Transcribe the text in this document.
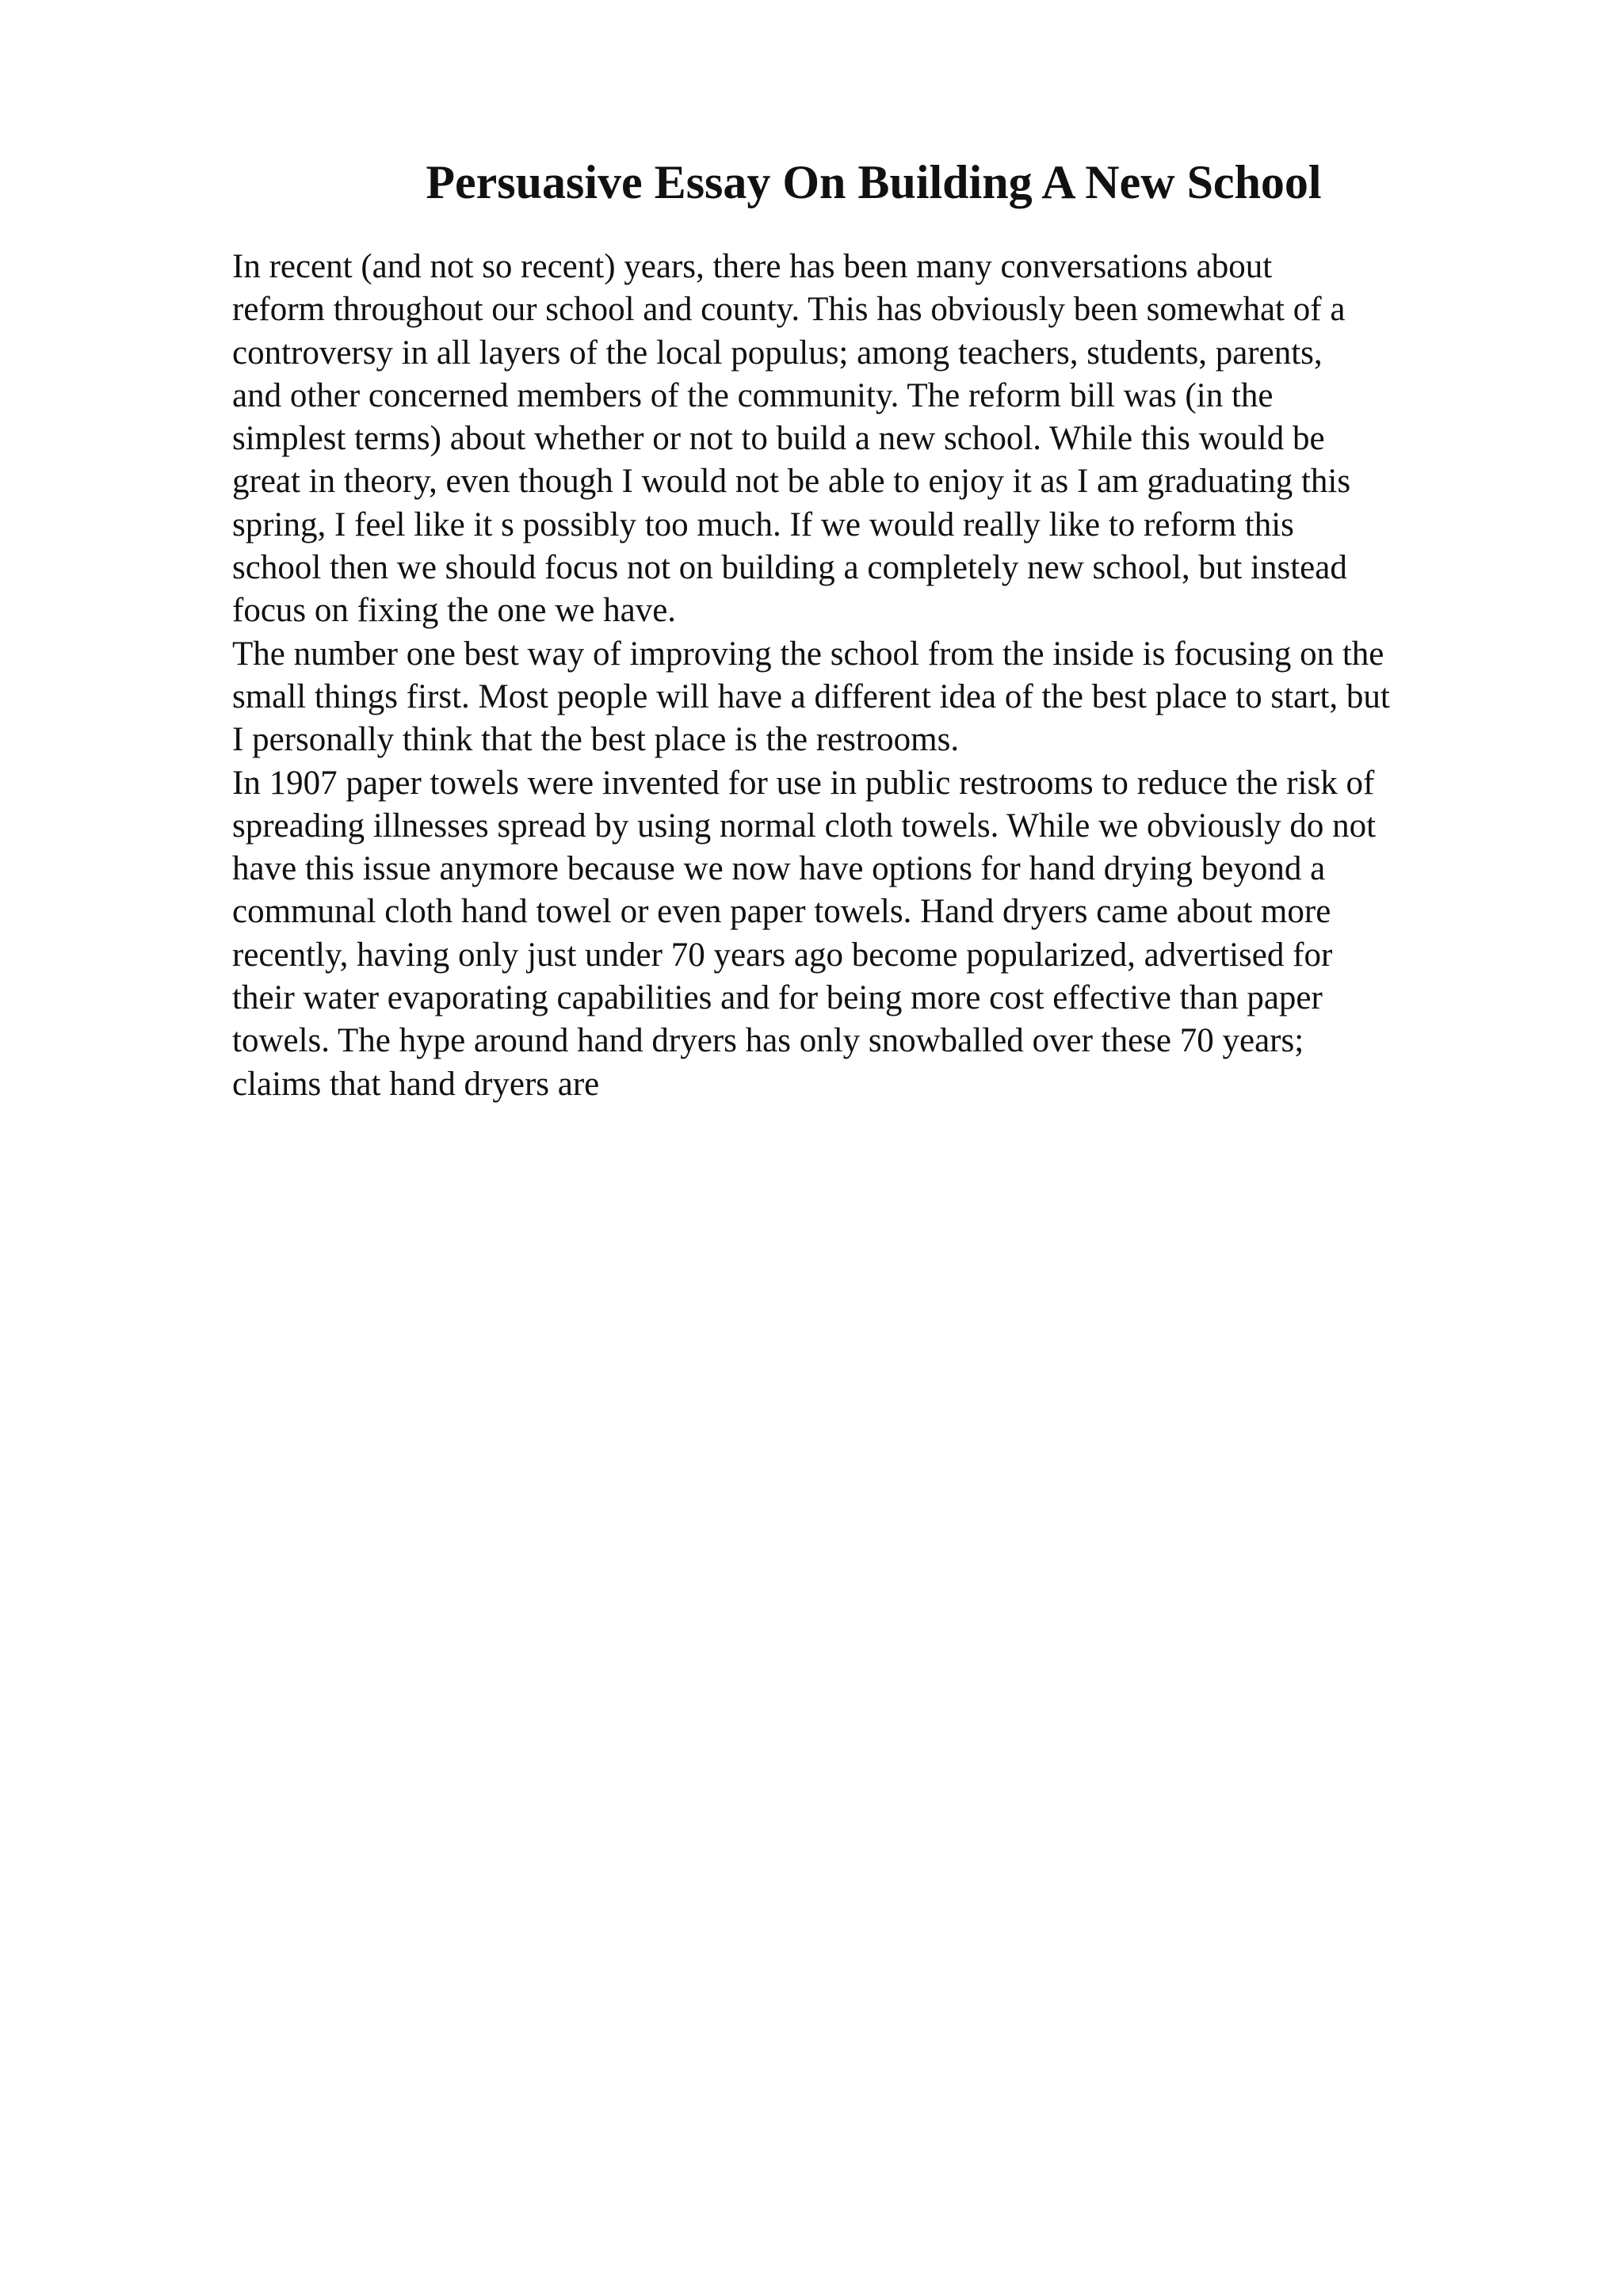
Persuasive Essay On Building A New School
In recent (and not so recent) years, there has been many conversations about
reform throughout our school and county. This has obviously been somewhat of a
controversy in all layers of the local populus; among teachers, students, parents,
and other concerned members of the community. The reform bill was (in the
simplest terms) about whether or not to build a new school. While this would be
great in theory, even though I would not be able to enjoy it as I am graduating this
spring, I feel like it s possibly too much. If we would really like to reform this
school then we should focus not on building a completely new school, but instead
focus on fixing the one we have.
The number one best way of improving the school from the inside is focusing on the
small things first. Most people will have a different idea of the best place to start, but
I personally think that the best place is the restrooms.
In 1907 paper towels were invented for use in public restrooms to reduce the risk of
spreading illnesses spread by using normal cloth towels. While we obviously do not
have this issue anymore because we now have options for hand drying beyond a
communal cloth hand towel or even paper towels. Hand dryers came about more
recently, having only just under 70 years ago become popularized, advertised for
their water evaporating capabilities and for being more cost effective than paper
towels. The hype around hand dryers has only snowballed over these 70 years;
claims that hand dryers are
